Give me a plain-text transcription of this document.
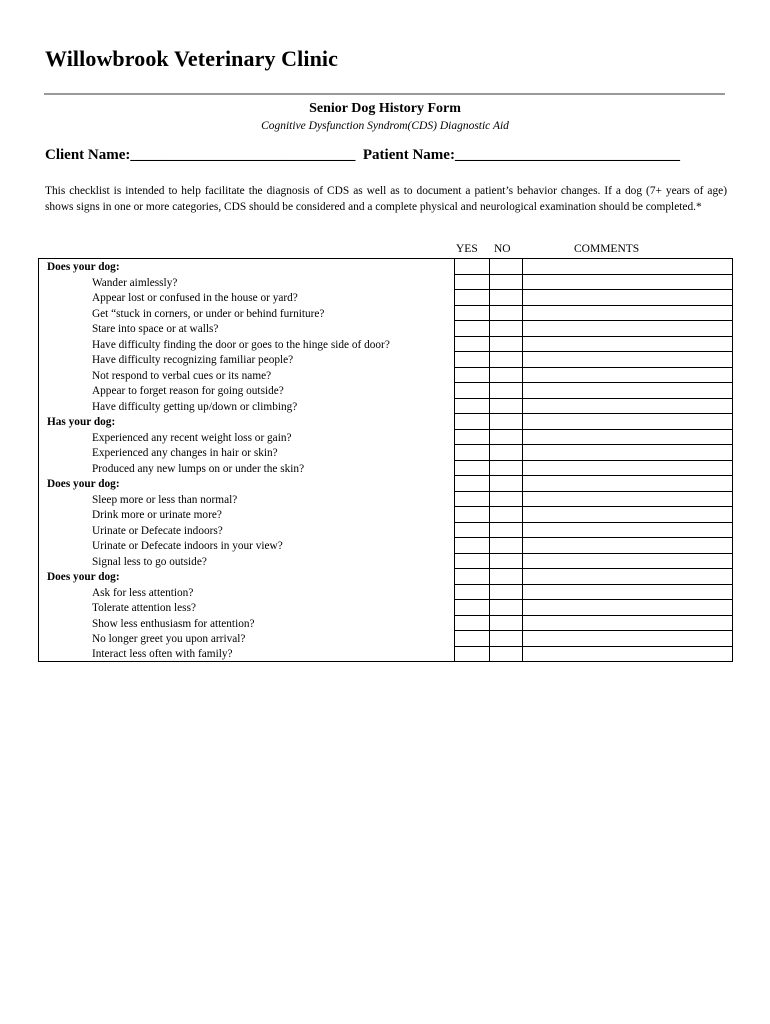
Willowbrook Veterinary Clinic
Senior Dog History Form
Cognitive Dysfunction Syndrom(CDS) Diagnostic Aid
Client Name:______________________________  Patient Name:______________________________
This checklist is intended to help facilitate the diagnosis of CDS as well as to document a patient’s behavior changes. If a dog (7+ years of age) shows signs in one or more categories, CDS should be considered and a complete physical and neurological examination should be completed.*
YES NO	COMMENTS
Does your dog:			
Wander aimlessly?			
Appear lost or confused in the house or yard?			
Get “stuck in corners, or under or behind furniture?			
Stare into space or at walls?			
Have difficulty finding the door or goes to the hinge side of door?			
Have difficulty recognizing familiar people?			
Not respond to verbal cues or its name?			
Appear to forget reason for going outside?			
Have difficulty getting up/down or climbing?			
Has your dog:			
Experienced any recent weight loss or gain?			
Experienced any changes in hair or skin?			
Produced any new lumps on or under the skin?			
Does your dog:			
Sleep more or less than normal?			
Drink more or urinate more?			
Urinate or Defecate indoors?			
Urinate or Defecate indoors in your view?			
Signal less to go outside?			
Does your dog:			
Ask for less attention?			
Tolerate attention less?			
Show less enthusiasm for attention?			
No longer greet you upon arrival?			
Interact less often with family?			
